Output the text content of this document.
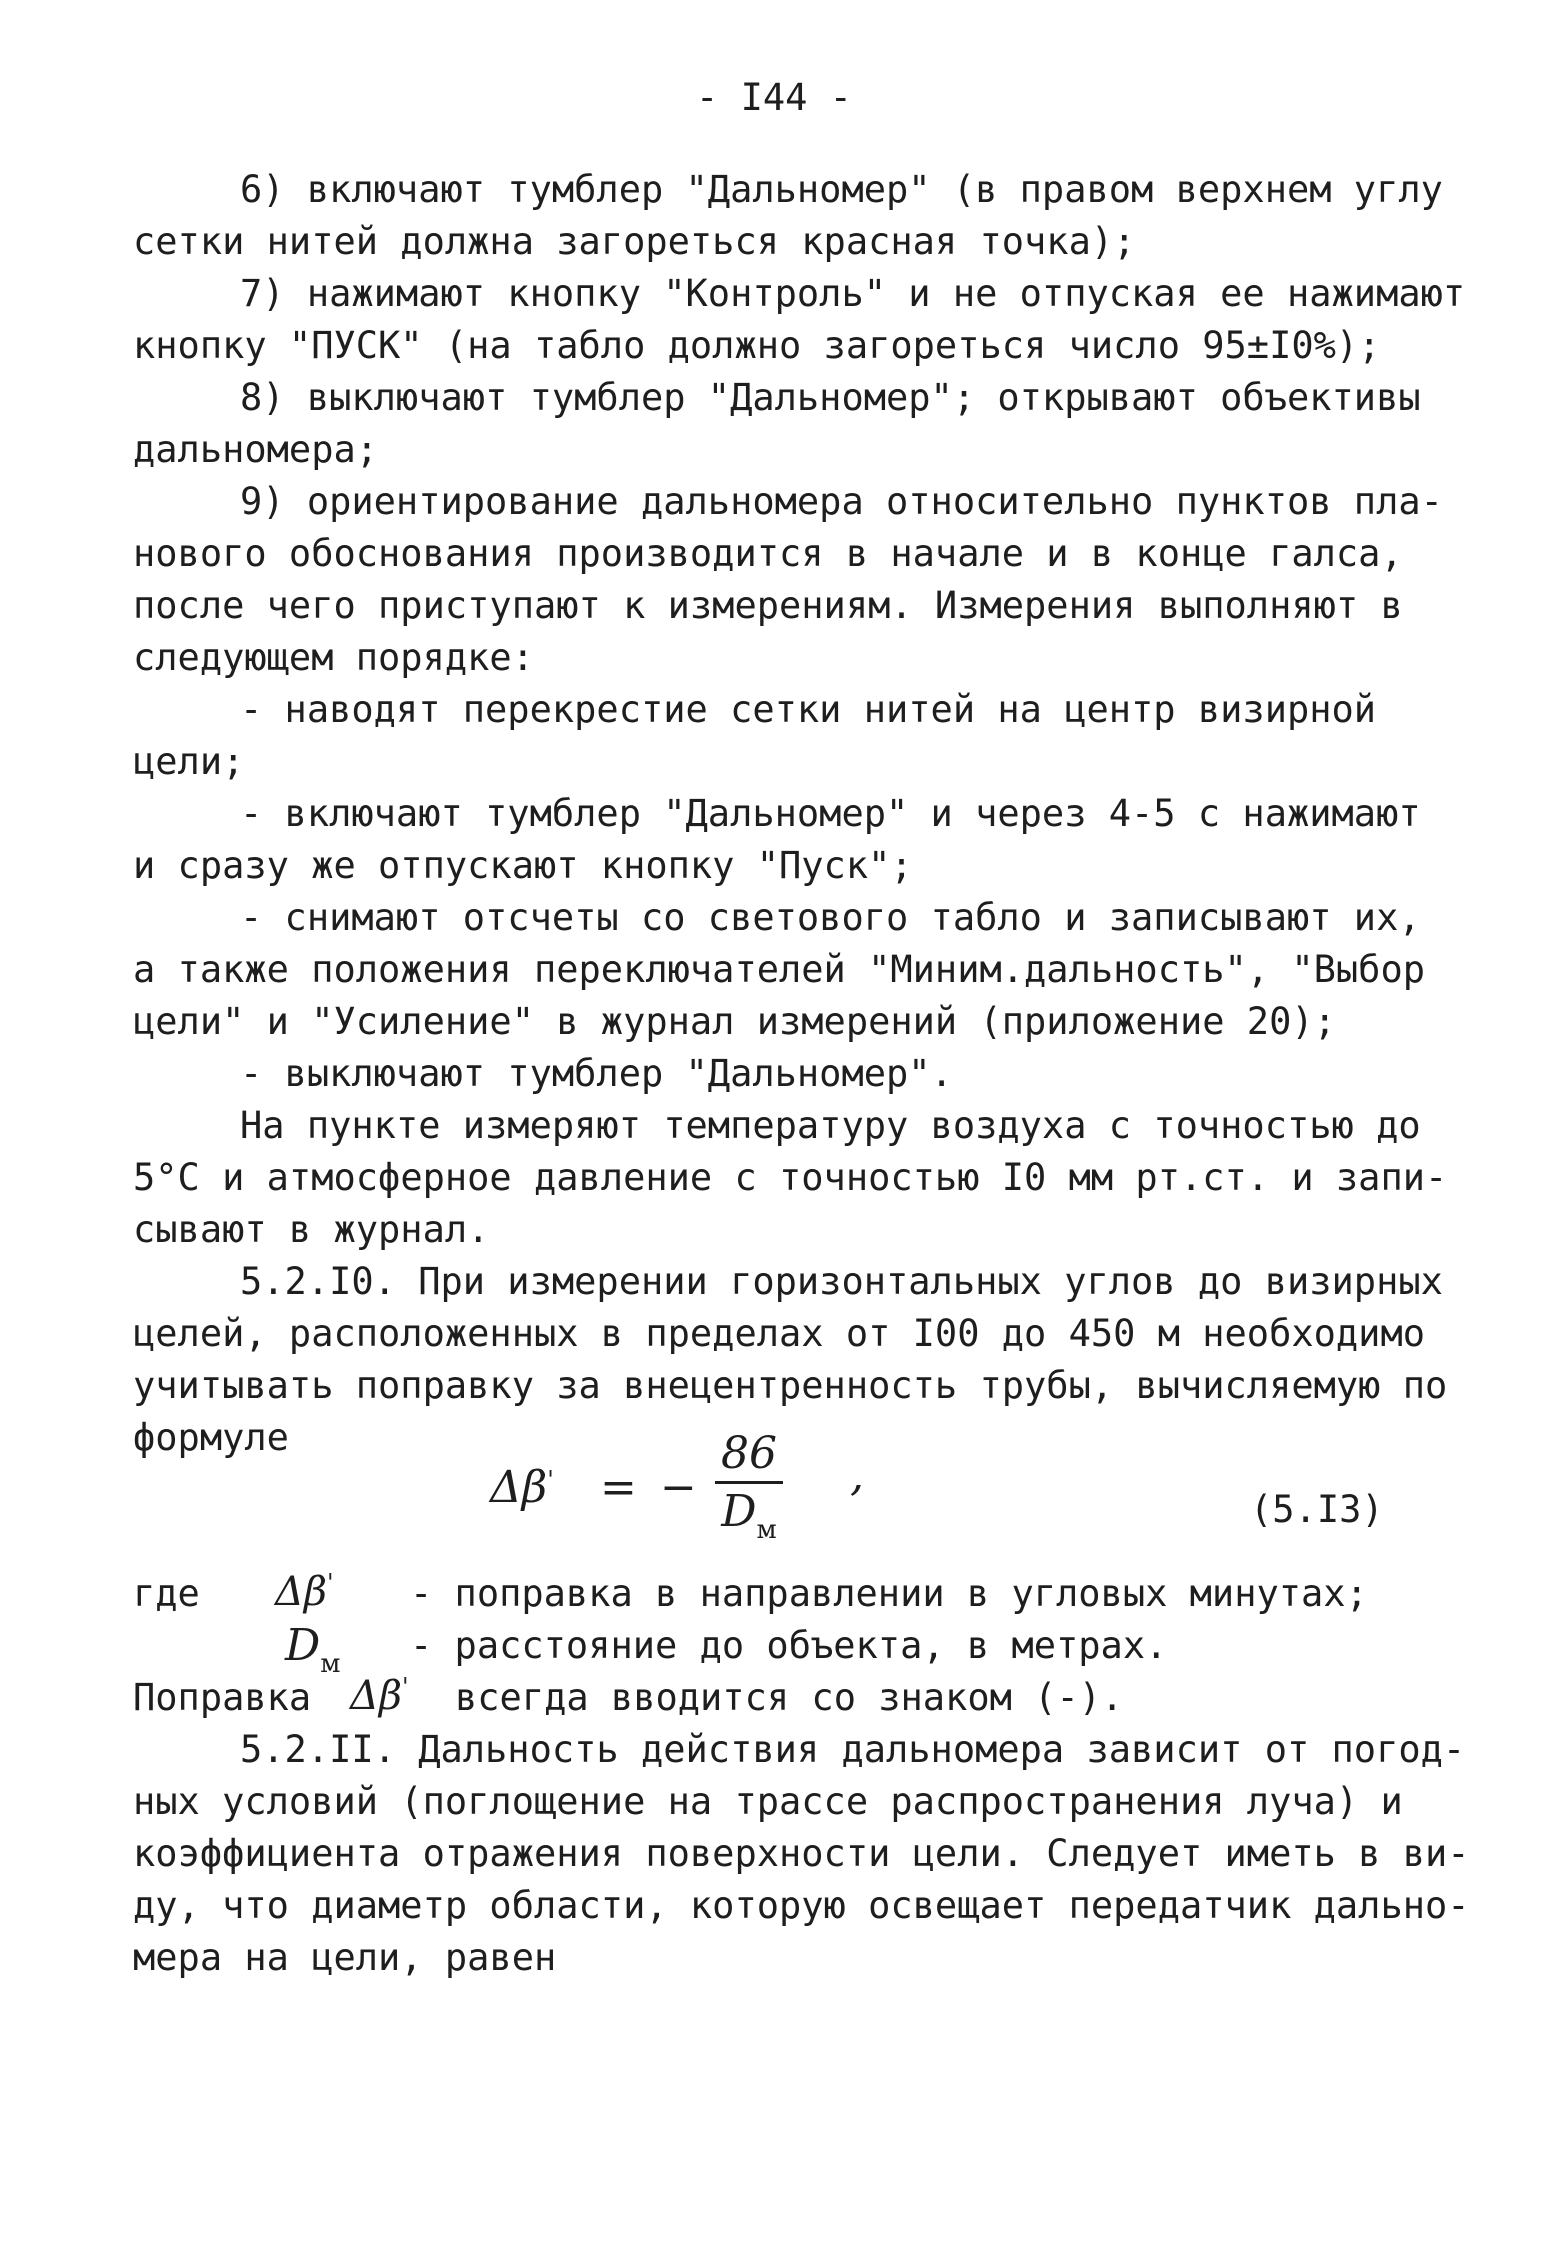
- I44 -
6) включают тумблер "Дальномер" (в правом верхнем углу
сетки нитей должна загореться красная точка);
7) нажимают кнопку "Контроль" и не отпуская ее нажимают
кнопку "ПУСК" (на табло должно загореться число 95±I0%);
8) выключают тумблер "Дальномер"; открывают объективы
дальномера;
9) ориентирование дальномера относительно пунктов пла-
нового обоснования производится в начале и в конце галса,
после чего приступают к измерениям. Измерения выполняют в
следующем порядке:
- наводят перекрестие сетки нитей на центр визирной
цели;
- включают тумблер "Дальномер" и через 4-5 с нажимают
и сразу же отпускают кнопку "Пуск";
- снимают отсчеты со светового табло и записывают их,
а также положения переключателей "Миним.дальность", "Выбор
цели" и "Усиление" в журнал измерений (приложение 20);
- выключают тумблер "Дальномер".
На пункте измеряют температуру воздуха с точностью до
5°С и атмосферное давление с точностью I0 мм рт.ст. и запи-
сывают в журнал.
5.2.I0. При измерении горизонтальных углов до визирных
целей, расположенных в пределах от I00 до 450 м необходимо
учитывать поправку за внецентренность трубы, вычисляемую по
формуле
Δβ' = −
86
$D_м$
,
(5.I3)
где Δβ' - поправка в направлении в угловых минутах;
$D_м$ - расстояние до объекта, в метрах.
Поправка Δβ' всегда вводится со знаком (-).
5.2.II. Дальность действия дальномера зависит от погод-
ных условий (поглощение на трассе распространения луча) и
коэффициента отражения поверхности цели. Следует иметь в ви-
ду, что диаметр области, которую освещает передатчик дально-
мера на цели, равен
